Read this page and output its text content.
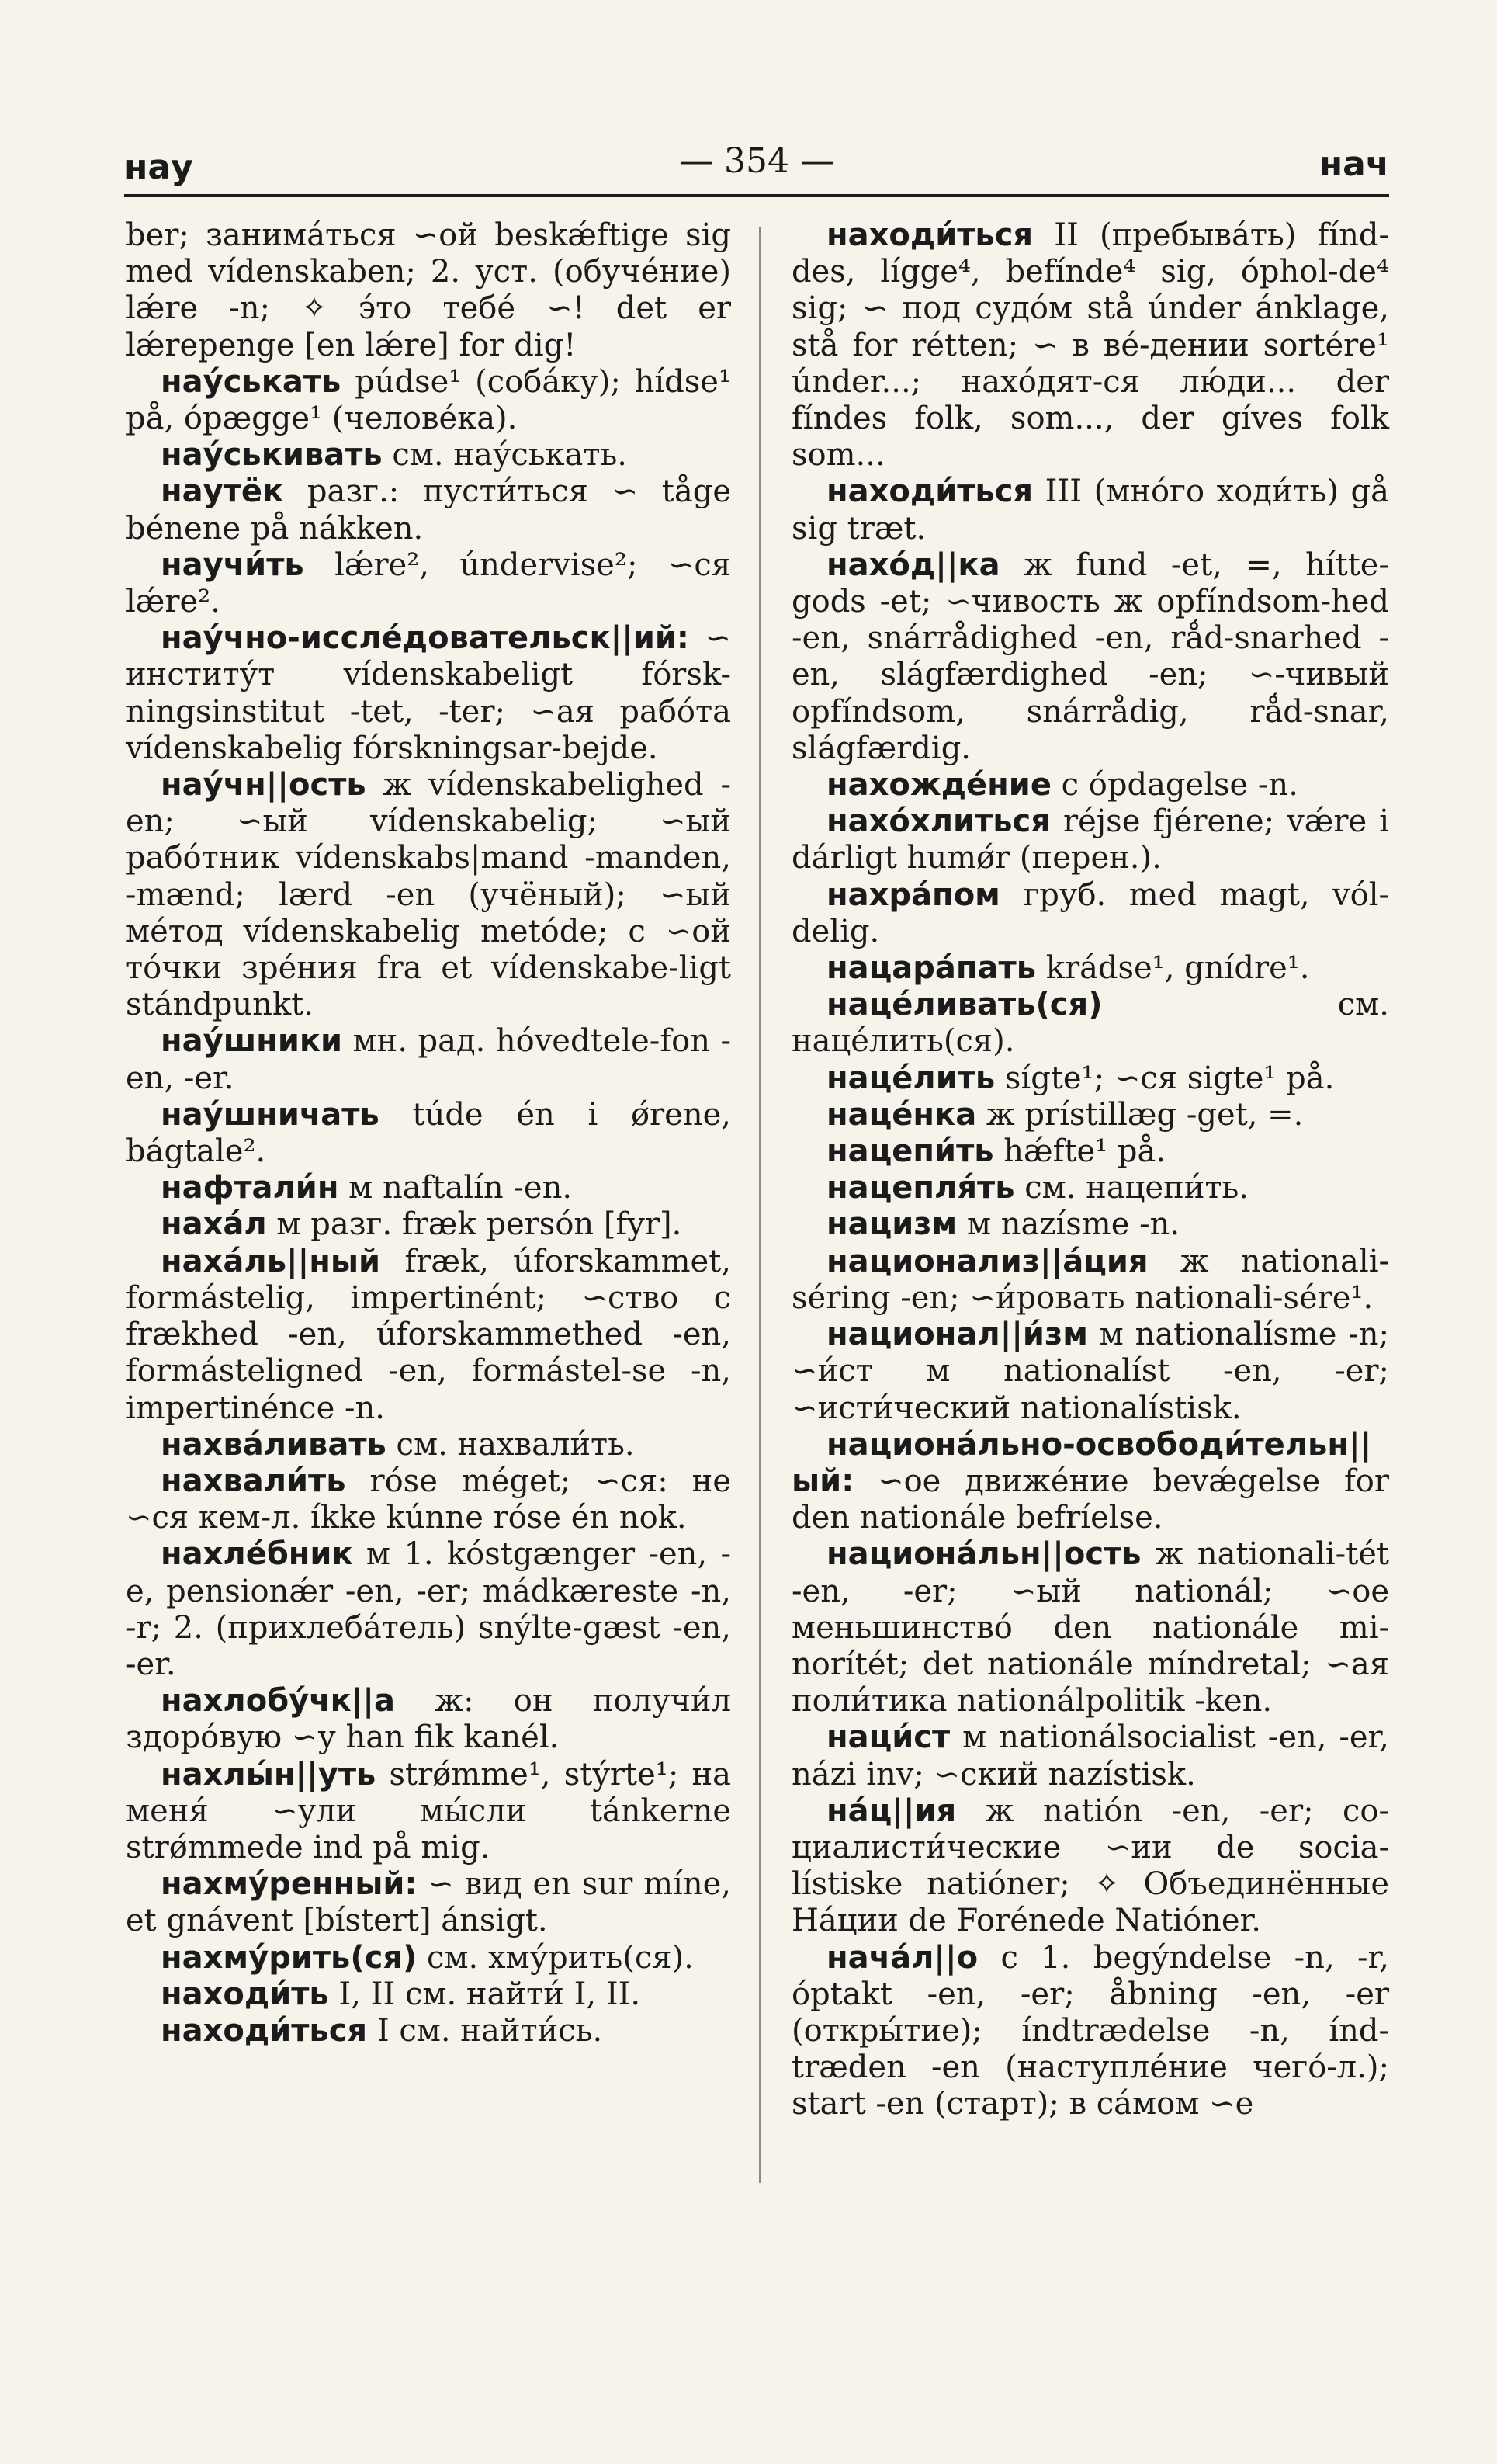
нау	— 354 —	нач

ber; занима́ться ∽ой beskǽftige sig med vídenskaben; 2. уст. (обуче́ние) lǽre -n; ✧ э́то тебе́ ∽! det er lǽrepenge [en lǽre] for dig!

нау́ськать púdse¹ (соба́ку); hídse¹ på, ópægge¹ (челове́ка).

нау́ськивать см. нау́ськать.

наутёк разг.: пусти́ться ∽ tåge bénene på nákken.

научи́ть lǽre², úndervise²; ∽ся lǽre².

нау́чно-иссле́довательск||ий: ∽ институ́т vídenskabeligt fórsk-ningsinstitut -tet, -ter; ∽ая рабо́та vídenskabelig fórskningsar-bejde.

нау́чн||ость ж vídenskabelighed -en; ∽ый vídenskabelig; ∽ый рабо́тник vídenskabs|mand -manden, -mænd; lærd -en (учёный); ∽ый ме́тод vídenskabelig metóde; с ∽ой то́чки зре́ния fra et vídenskabe-ligt stándpunkt.

нау́шники мн. рад. hóvedtele-fon -en, -er.

нау́шничать túde én i ǿrene, bágtale².

нафтали́н м naftalín -en.

наха́л м разг. fræk persón [fyr].

наха́ль||ный fræk, úforskammet, formástelig, impertinént; ∽ство с frækhed -en, úforskammethed -en, formásteligned -en, formástel-se -n, impertinénce -n.

нахва́ливать см. нахвали́ть.

нахвали́ть róse méget; ∽ся: не ∽ся кем-л. íkke kúnne róse én nok.

нахле́бник м 1. kóstgænger -en, -e, pensionǽr -en, -er; mádkæreste -n, -r; 2. (прихлеба́тель) snýlte-gæst -en, -er.

нахлобу́чк||а ж: он получи́л здоро́вую ∽у han fik kanél.

нахлы́н||уть strǿmme¹, stýrte¹; на меня́ ∽ули мы́сли tánkerne strǿmmede ind på mig.

нахму́ренный: ∽ вид en sur míne, et gnávent [bístert] ánsigt.

нахму́рить(ся) см. хму́рить(ся).

находи́ть I, II см. найти́ I, II.

находи́ться I см. найти́сь.

находи́ться II (пребыва́ть) fínd-des, lígge⁴, befínde⁴ sig, óphol-de⁴ sig; ∽ под судо́м stå únder ánklage, stå for rétten; ∽ в ве́-дении sortére¹ únder...; нахо́дят-ся лю́ди... der fíndes folk, som..., der gíves folk som...

находи́ться III (мно́го ходи́ть) gå sig træt.

нахо́д||ка ж fund -et, =, hítte-gods -et; ∽чивость ж opfíndsom-hed -en, snárrådighed -en, rǻd-snarhed -en, slágfærdighed -en; ∽-чивый opfíndsom, snárrådig, rǻd-snar, slágfærdig.

нахожде́ние с ópdagelse -n.

нахо́хлиться réjse fjérene; vǽre i dárligt humǿr (перен.).

нахра́пом груб. med magt, vól-delig.

нацара́пать krádse¹, gnídre¹.

наце́ливать(ся) см. наце́лить(ся).

наце́лить sígte¹; ∽ся sigte¹ på.

наце́нка ж prístillæg -get, =.

нацепи́ть hǽfte¹ på.

нацепля́ть см. нацепи́ть.

нацизм м nazísme -n.

национализ||а́ция ж nationali-séring -en; ∽и́ровать nationali-sére¹.

национал||и́зм м nationalísme -n; ∽и́ст м nationalíst -en, -er; ∽исти́ческий nationalístisk.

национа́льно-освободи́тельн||ый: ∽ое движе́ние bevǽgelse for den nationále befríelse.

национа́льн||ость ж nationali-tét -en, -er; ∽ый nationál; ∽ое меньшинство́ den nationále mi-norítét; det nationále míndretal; ∽ая поли́тика nationálpolitik -ken.

наци́ст м nationálsocialist -en, -er, názi inv; ∽ский nazístisk.

на́ц||ия ж natión -en, -er; со-циалисти́ческие ∽ии de socia-lístiske natióner; ✧ Объединённые На́ции de Forénede Natióner.

нача́л||о с 1. begýndelse -n, -r, óptakt -en, -er; åbning -en, -er (откры́тие); índtrædelse -n, índ-træden -en (наступле́ние чего́-л.); start -en (старт); в са́мом ∽е
